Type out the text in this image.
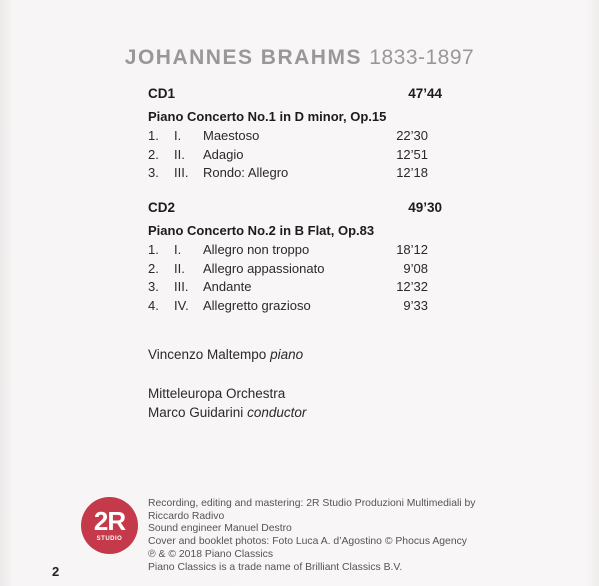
JOHANNES BRAHMS 1833-1897
CD1	47’44
Piano Concerto No.1 in D minor, Op.15
1. I. Maestoso	22’30
2. II. Adagio	12’51
3. III. Rondo: Allegro	12’18
CD2	49’30
Piano Concerto No.2 in B Flat, Op.83
1. I. Allegro non troppo	18’12
2. II. Allegro appassionato	9’08
3. III. Andante	12’32
4. IV. Allegretto grazioso	9’33
Vincenzo Maltempo piano
Mitteleuropa Orchestra
Marco Guidarini conductor
2R
STUDIO
Recording, editing and mastering: 2R Studio Produzioni Multimediali by
Riccardo Radivo
Sound engineer Manuel Destro
Cover and booklet photos: Foto Luca A. d’Agostino © Phocus Agency
℗ & © 2018 Piano Classics
Piano Classics is a trade name of Brilliant Classics B.V.
2
